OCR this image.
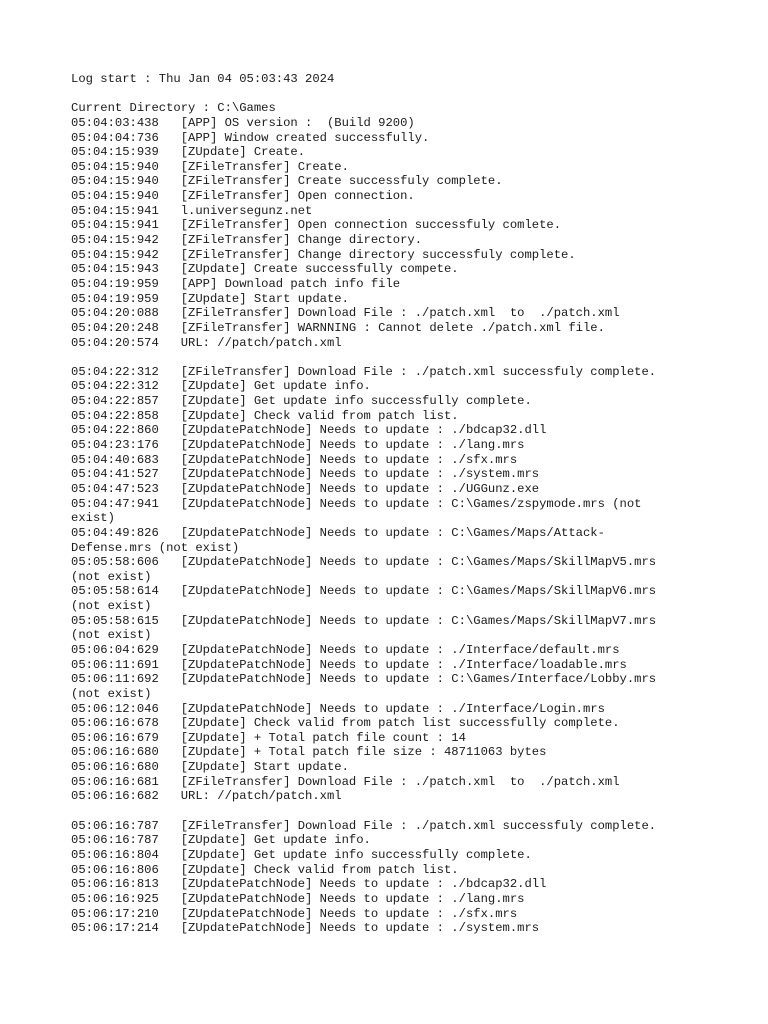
Log start : Thu Jan 04 05:03:43 2024
Current Directory : C:\Games
05:04:03:438   [APP] OS version :  (Build 9200)
05:04:04:736   [APP] Window created successfully.
05:04:15:939   [ZUpdate] Create.
05:04:15:940   [ZFileTransfer] Create.
05:04:15:940   [ZFileTransfer] Create successfuly complete.
05:04:15:940   [ZFileTransfer] Open connection.
05:04:15:941   l.universegunz.net
05:04:15:941   [ZFileTransfer] Open connection successfuly comlete.
05:04:15:942   [ZFileTransfer] Change directory.
05:04:15:942   [ZFileTransfer] Change directory successfuly complete.
05:04:15:943   [ZUpdate] Create successfully compete.
05:04:19:959   [APP] Download patch info file
05:04:19:959   [ZUpdate] Start update.
05:04:20:088   [ZFileTransfer] Download File : ./patch.xml  to  ./patch.xml
05:04:20:248   [ZFileTransfer] WARNNING : Cannot delete ./patch.xml file.
05:04:20:574   URL: //patch/patch.xml
05:04:22:312   [ZFileTransfer] Download File : ./patch.xml successfuly complete.
05:04:22:312   [ZUpdate] Get update info.
05:04:22:857   [ZUpdate] Get update info successfully complete.
05:04:22:858   [ZUpdate] Check valid from patch list.
05:04:22:860   [ZUpdatePatchNode] Needs to update : ./bdcap32.dll
05:04:23:176   [ZUpdatePatchNode] Needs to update : ./lang.mrs
05:04:40:683   [ZUpdatePatchNode] Needs to update : ./sfx.mrs
05:04:41:527   [ZUpdatePatchNode] Needs to update : ./system.mrs
05:04:47:523   [ZUpdatePatchNode] Needs to update : ./UGGunz.exe
05:04:47:941   [ZUpdatePatchNode] Needs to update : C:\Games/zspymode.mrs (not
exist)
05:04:49:826   [ZUpdatePatchNode] Needs to update : C:\Games/Maps/Attack-
Defense.mrs (not exist)
05:05:58:606   [ZUpdatePatchNode] Needs to update : C:\Games/Maps/SkillMapV5.mrs
(not exist)
05:05:58:614   [ZUpdatePatchNode] Needs to update : C:\Games/Maps/SkillMapV6.mrs
(not exist)
05:05:58:615   [ZUpdatePatchNode] Needs to update : C:\Games/Maps/SkillMapV7.mrs
(not exist)
05:06:04:629   [ZUpdatePatchNode] Needs to update : ./Interface/default.mrs
05:06:11:691   [ZUpdatePatchNode] Needs to update : ./Interface/loadable.mrs
05:06:11:692   [ZUpdatePatchNode] Needs to update : C:\Games/Interface/Lobby.mrs
(not exist)
05:06:12:046   [ZUpdatePatchNode] Needs to update : ./Interface/Login.mrs
05:06:16:678   [ZUpdate] Check valid from patch list successfully complete.
05:06:16:679   [ZUpdate] + Total patch file count : 14
05:06:16:680   [ZUpdate] + Total patch file size : 48711063 bytes
05:06:16:680   [ZUpdate] Start update.
05:06:16:681   [ZFileTransfer] Download File : ./patch.xml  to  ./patch.xml
05:06:16:682   URL: //patch/patch.xml
05:06:16:787   [ZFileTransfer] Download File : ./patch.xml successfuly complete.
05:06:16:787   [ZUpdate] Get update info.
05:06:16:804   [ZUpdate] Get update info successfully complete.
05:06:16:806   [ZUpdate] Check valid from patch list.
05:06:16:813   [ZUpdatePatchNode] Needs to update : ./bdcap32.dll
05:06:16:925   [ZUpdatePatchNode] Needs to update : ./lang.mrs
05:06:17:210   [ZUpdatePatchNode] Needs to update : ./sfx.mrs
05:06:17:214   [ZUpdatePatchNode] Needs to update : ./system.mrs
